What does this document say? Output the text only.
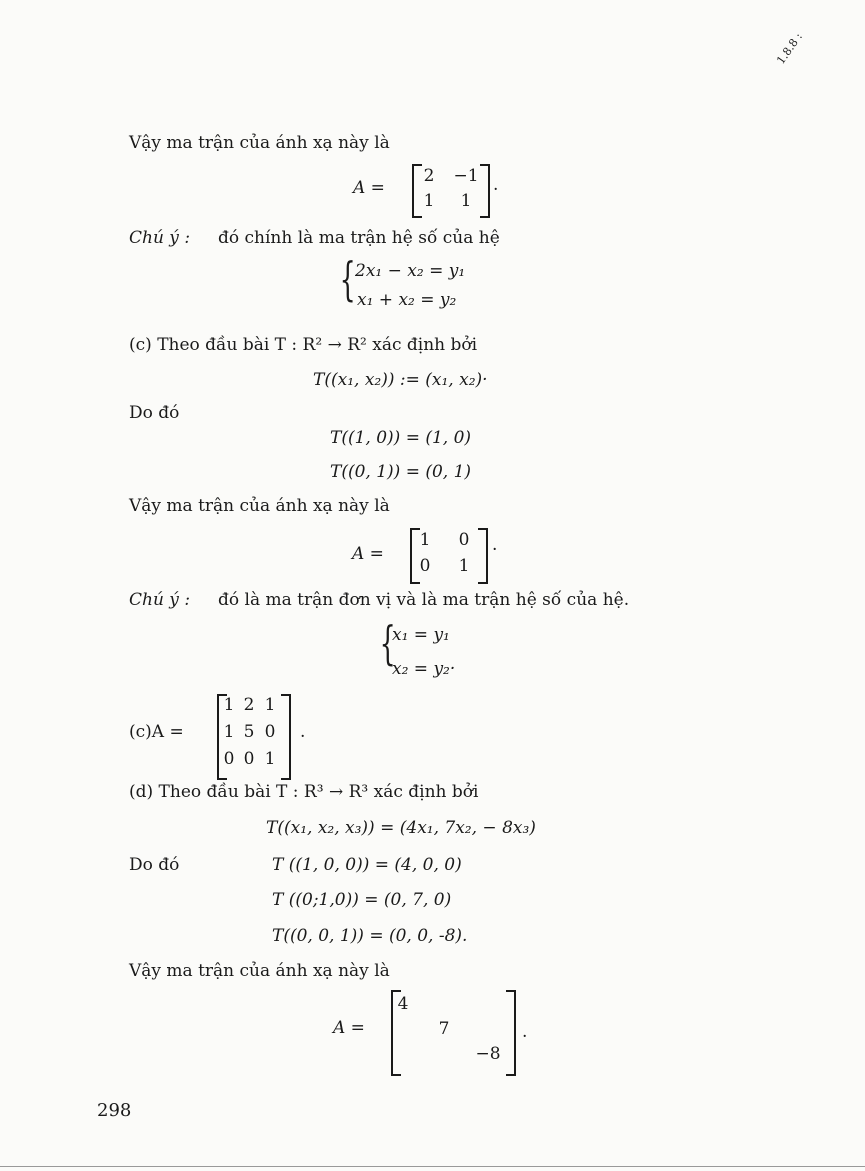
1.8.8 :
Vậy ma trận của ánh xạ này là
A =
2 −1
1	1
.
Chú ý : đó chính là ma trận hệ số của hệ
{ 2x₁ − x₂ = y₁
x₁ + x₂ = y₂
(c) Theo đầu bài T : R² → R² xác định bởi
T((x₁, x₂)) := (x₁, x₂)·
Do đó
T((1, 0)) = (1, 0)
T((0, 1)) = (0, 1)
Vậy ma trận của ánh xạ này là
A =
1 0
0 1
·
Chú ý : đó là ma trận đơn vị và là ma trận hệ số của hệ.
{
x₁ = y₁
x₂ = y₂·
(c)A =
1 2 1
1 5 0
0 0 1
.
(d) Theo đầu bài T : R³ → R³ xác định bởi
T((x₁, x₂, x₃)) = (4x₁, 7x₂, − 8x₃)
Do đó	T ((1, 0, 0)) = (4, 0, 0)
T ((0;1,0)) = (0, 7, 0)
T((0, 0, 1)) = (0, 0, -8).
Vậy ma trận của ánh xạ này là
A =
4
7
−8
.
298
